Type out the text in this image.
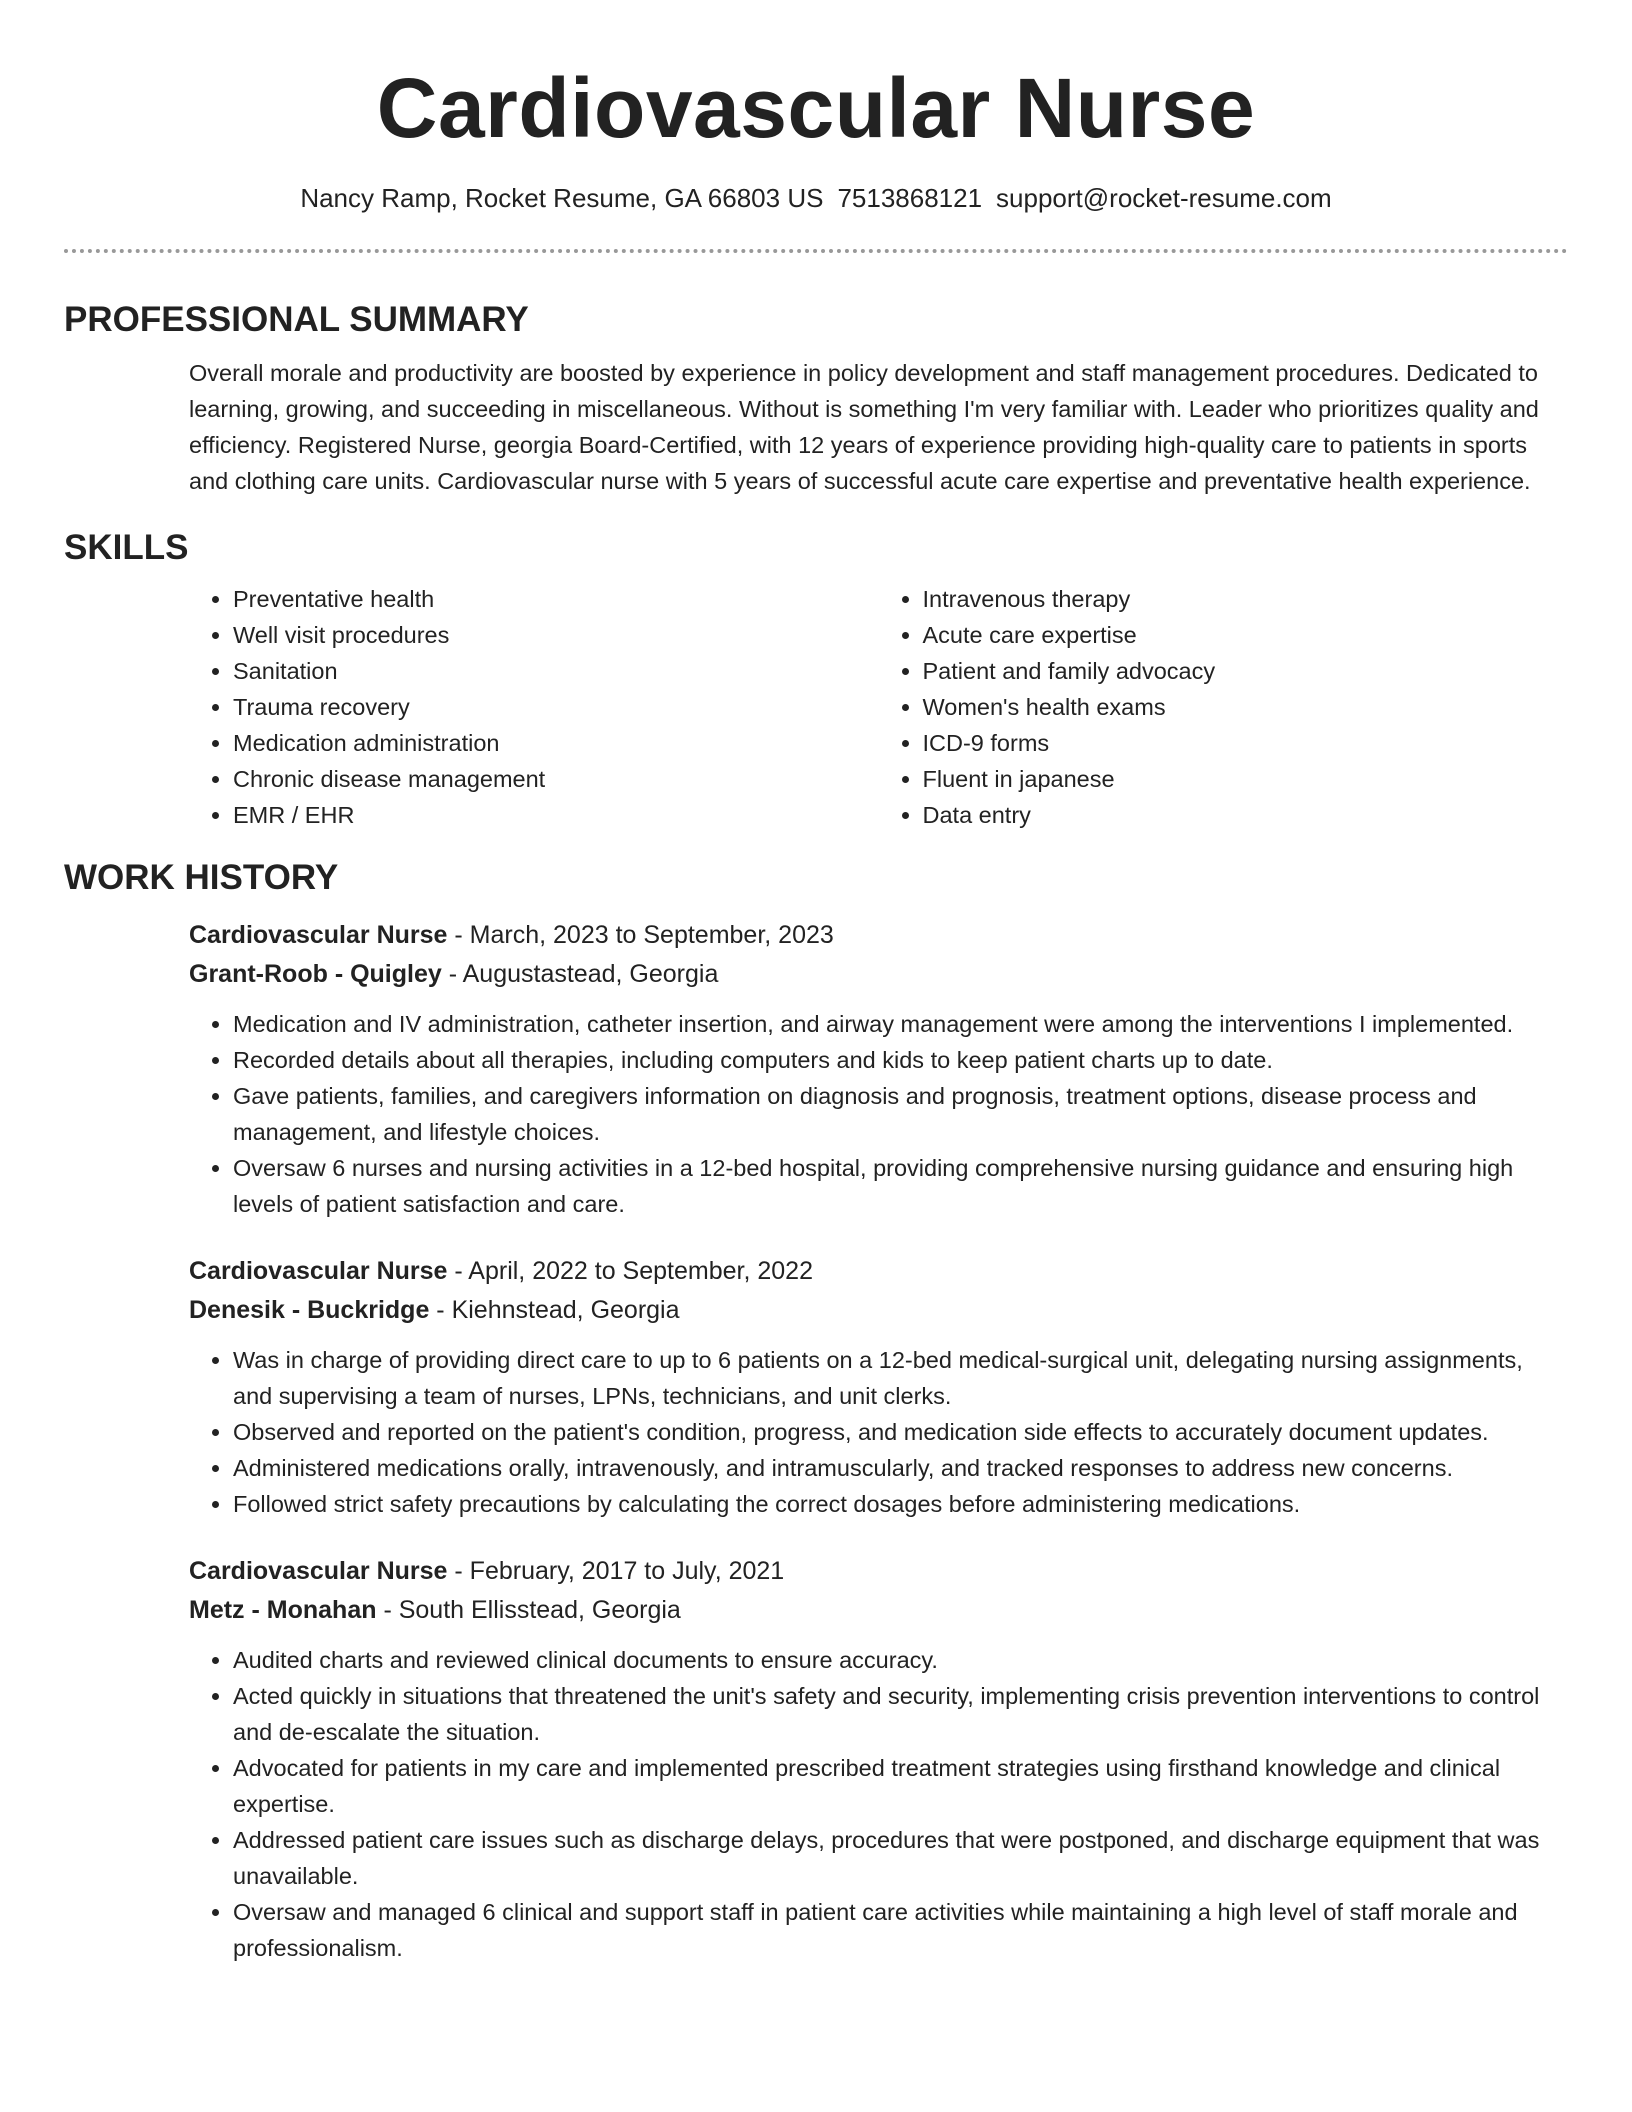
Cardiovascular Nurse
Nancy Ramp, Rocket Resume, GA 66803 US 7513868121 support@rocket-resume.com
PROFESSIONAL SUMMARY

Overall morale and productivity are boosted by experience in policy development and staff management procedures. Dedicated to learning, growing, and succeeding in miscellaneous. Without is something I'm very familiar with. Leader who prioritizes quality and efficiency. Registered Nurse, georgia Board-Certified, with 12 years of experience providing high-quality care to patients in sports and clothing care units. Cardiovascular nurse with 5 years of successful acute care expertise and preventative health experience.

SKILLS
• Preventative health
• Well visit procedures
• Sanitation
• Trauma recovery
• Medication administration
• Chronic disease management
• EMR / EHR
• Intravenous therapy
• Acute care expertise
• Patient and family advocacy
• Women's health exams
• ICD-9 forms
• Fluent in japanese
• Data entry
WORK HISTORY
Cardiovascular Nurse - March, 2023 to September, 2023
Grant-Roob - Quigley - Augustastead, Georgia
• Medication and IV administration, catheter insertion, and airway management were among the interventions I implemented.
• Recorded details about all therapies, including computers and kids to keep patient charts up to date.
• Gave patients, families, and caregivers information on diagnosis and prognosis, treatment options, disease process and management, and lifestyle choices.
• Oversaw 6 nurses and nursing activities in a 12-bed hospital, providing comprehensive nursing guidance and ensuring high levels of patient satisfaction and care.
Cardiovascular Nurse - April, 2022 to September, 2022
Denesik - Buckridge - Kiehnstead, Georgia
• Was in charge of providing direct care to up to 6 patients on a 12-bed medical-surgical unit, delegating nursing assignments, and supervising a team of nurses, LPNs, technicians, and unit clerks.
• Observed and reported on the patient's condition, progress, and medication side effects to accurately document updates.
• Administered medications orally, intravenously, and intramuscularly, and tracked responses to address new concerns.
• Followed strict safety precautions by calculating the correct dosages before administering medications.
Cardiovascular Nurse - February, 2017 to July, 2021
Metz - Monahan - South Ellisstead, Georgia
• Audited charts and reviewed clinical documents to ensure accuracy.
• Acted quickly in situations that threatened the unit's safety and security, implementing crisis prevention interventions to control and de-escalate the situation.
• Advocated for patients in my care and implemented prescribed treatment strategies using firsthand knowledge and clinical expertise.
• Addressed patient care issues such as discharge delays, procedures that were postponed, and discharge equipment that was unavailable.
• Oversaw and managed 6 clinical and support staff in patient care activities while maintaining a high level of staff morale and professionalism.
